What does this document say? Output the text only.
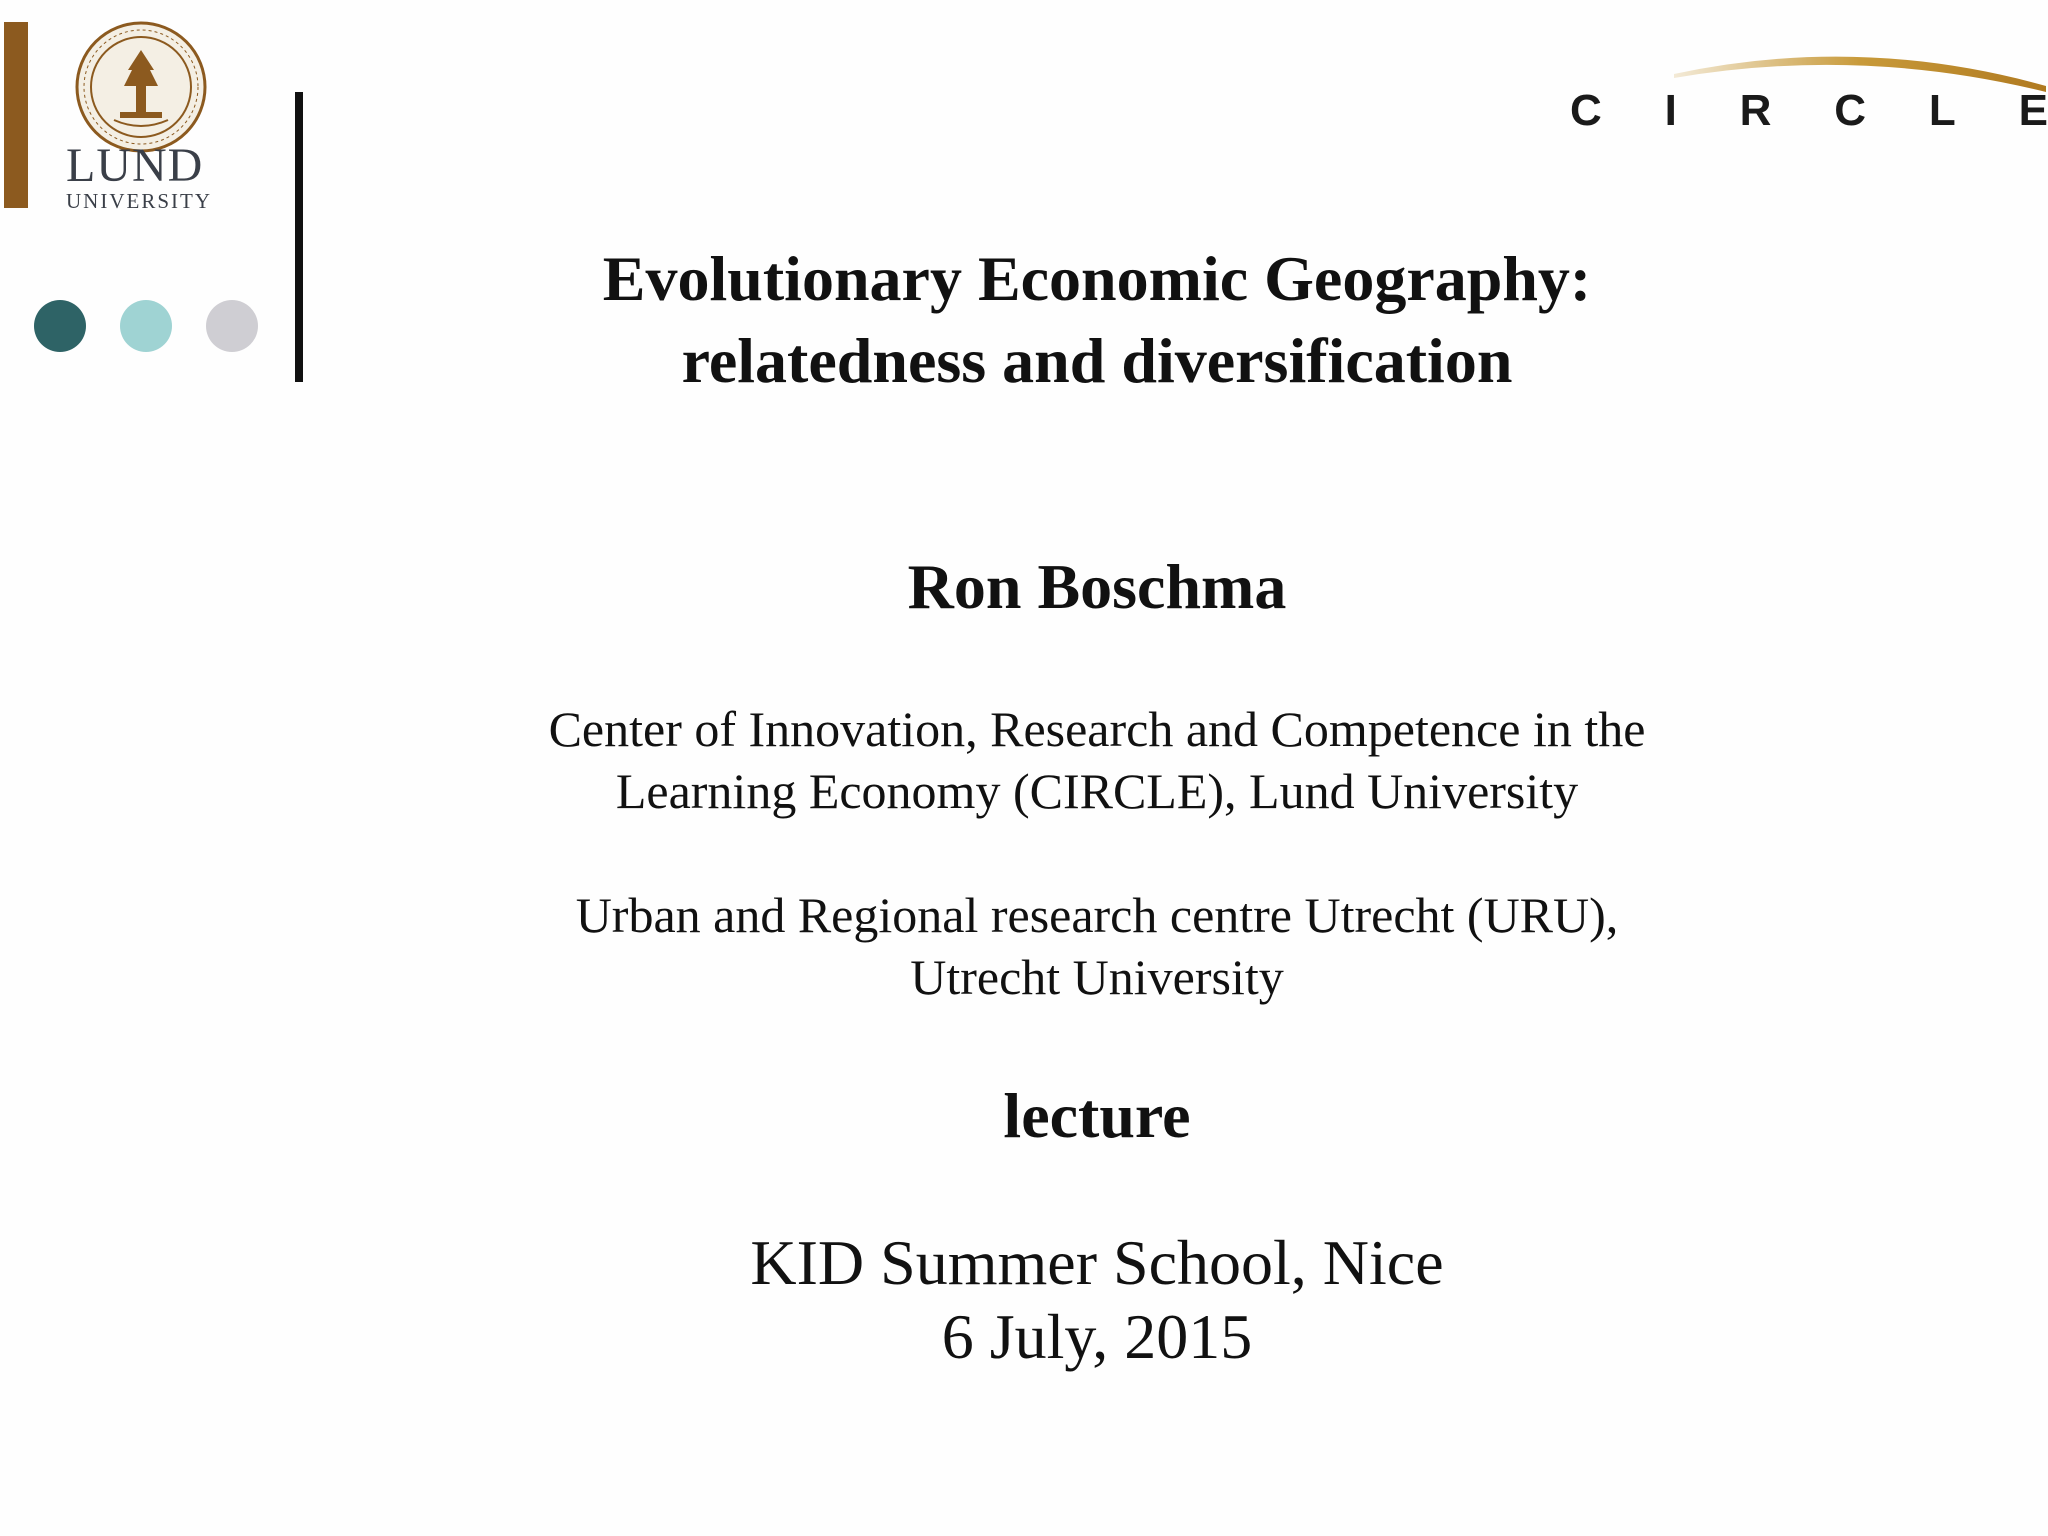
LUND
UNIVERSITY
C I R C L E
Evolutionary Economic Geography:
relatedness and diversification
Ron Boschma
Center of Innovation, Research and Competence in the
Learning Economy (CIRCLE), Lund University
Urban and Regional research centre Utrecht (URU),
Utrecht University
lecture
KID Summer School, Nice
6 July, 2015
